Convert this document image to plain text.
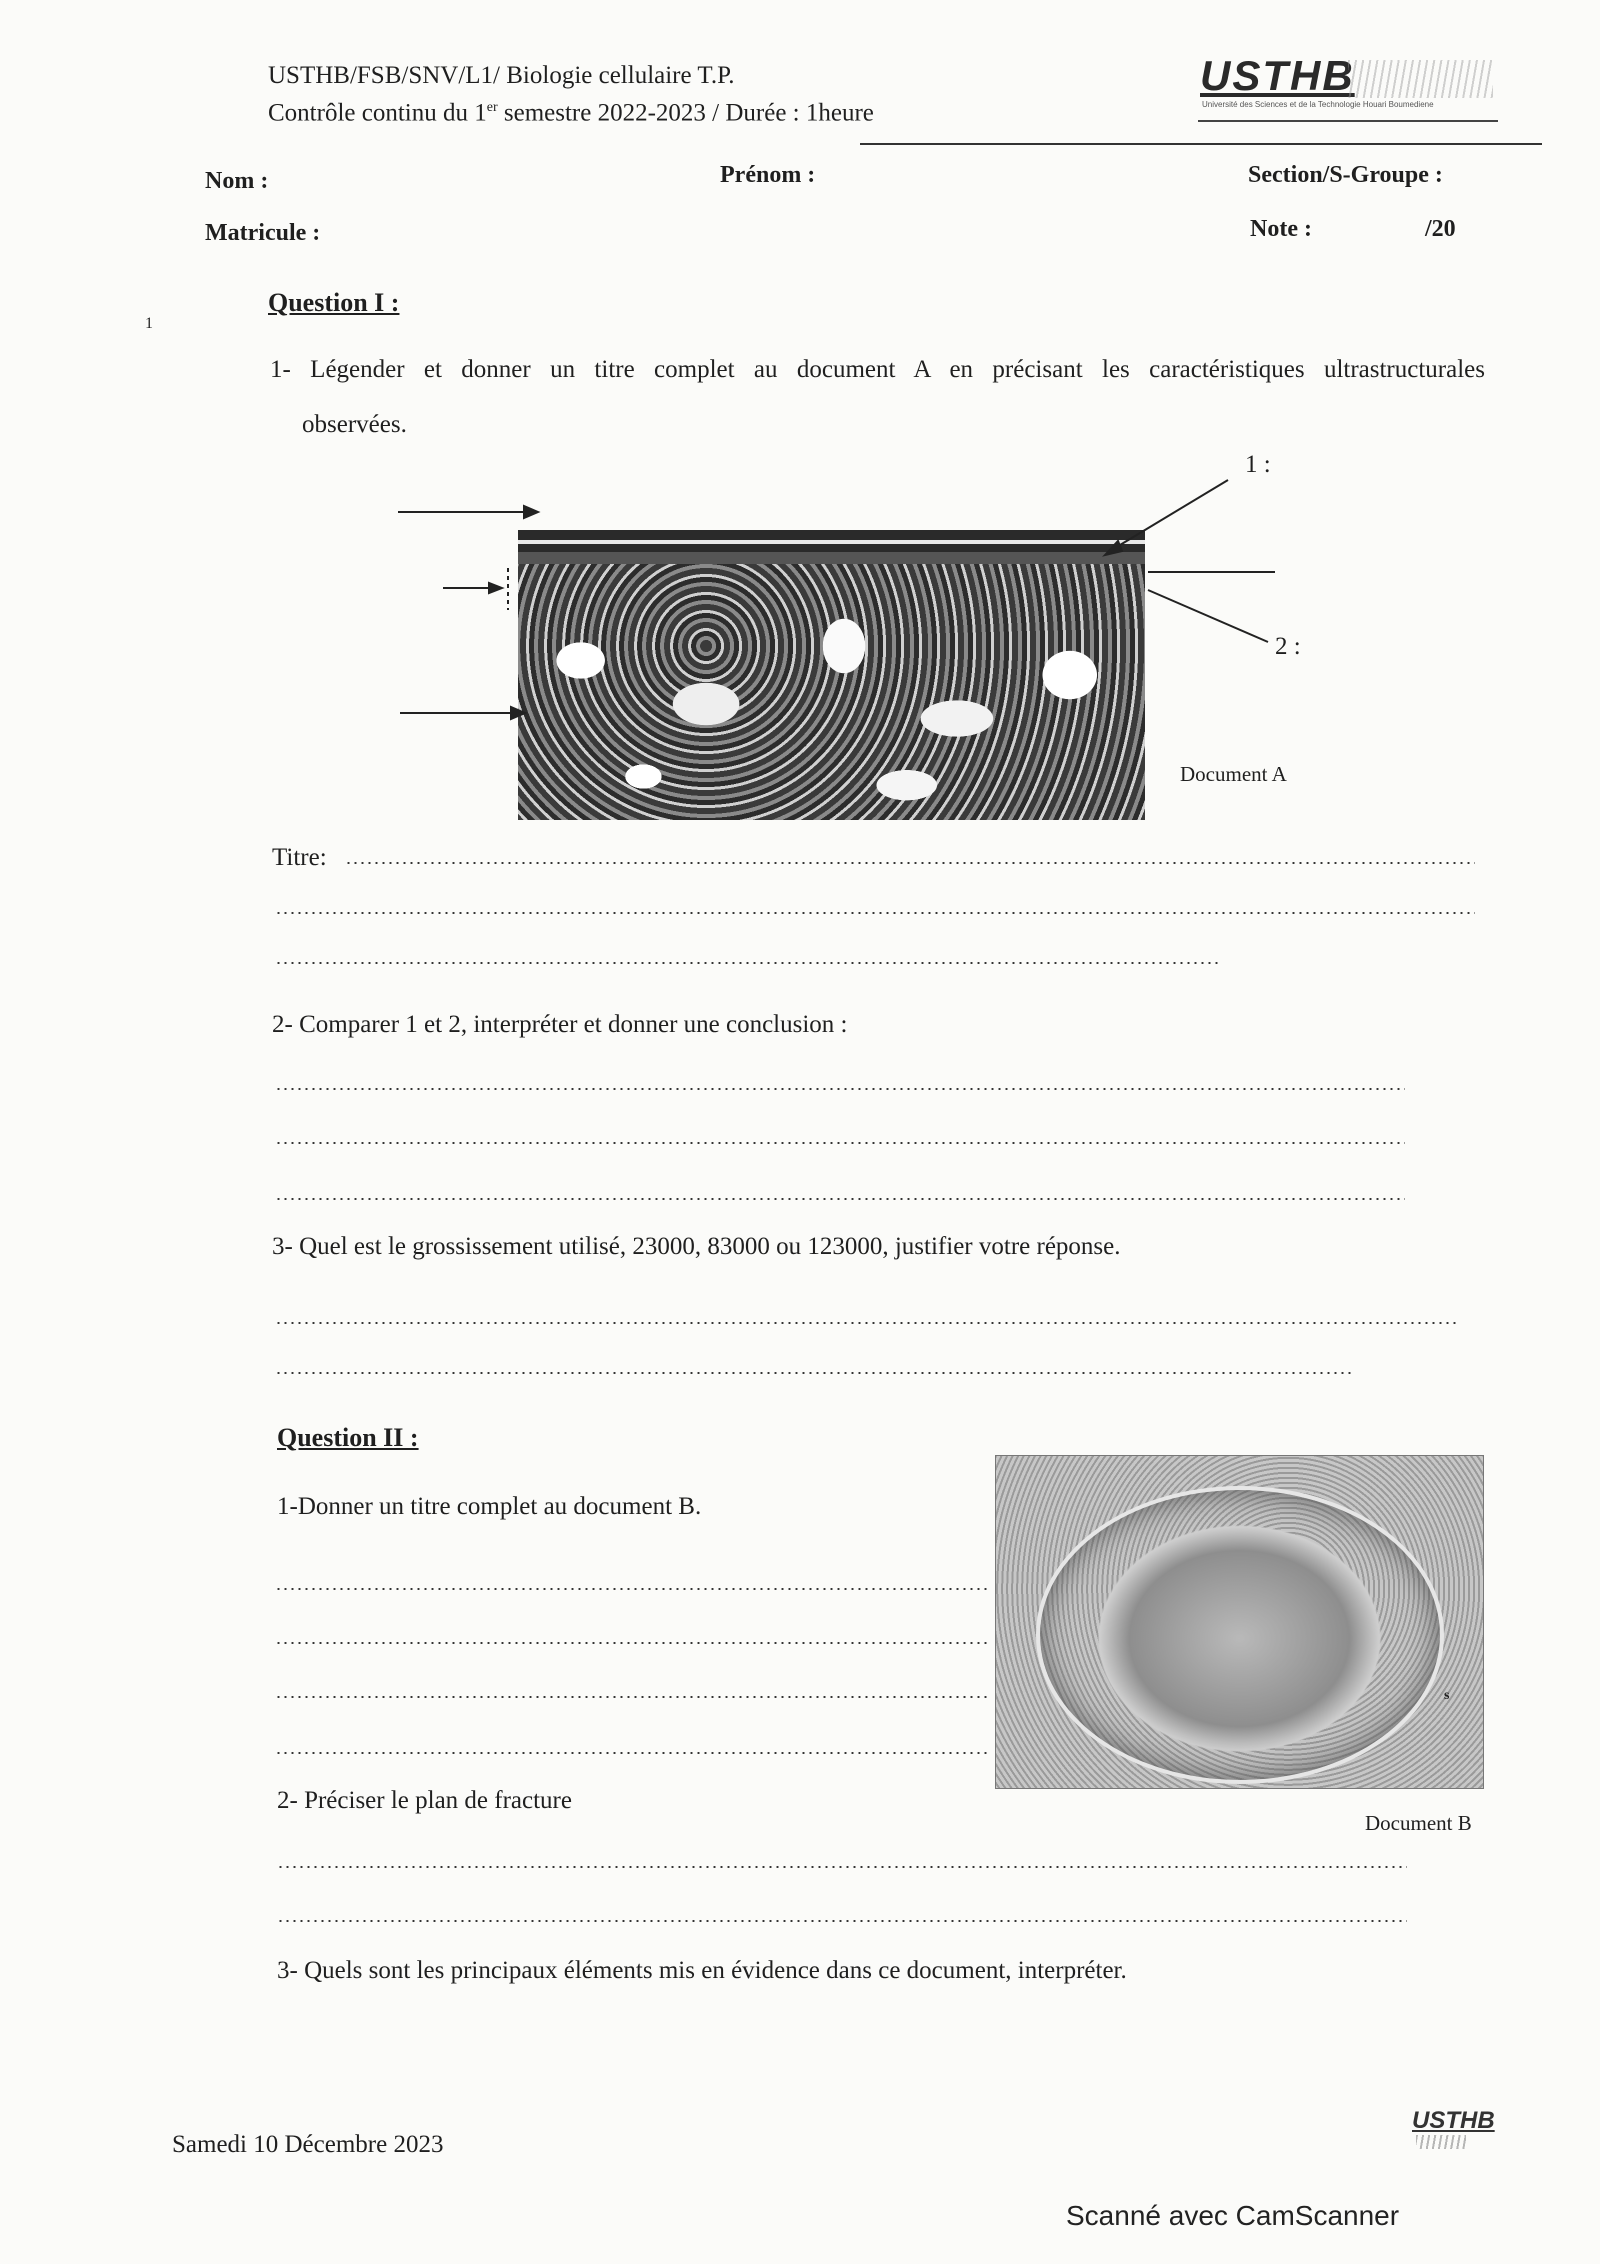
USTHB/FSB/SNV/L1/ Biologie cellulaire T.P.
Contrôle continu du 1er semestre 2022-2023 / Durée : 1heure
USTHB
Université des Sciences et de la Technologie Houari Boumediene
Nom :	Prénom :	Section/S-Groupe :
Matricule :	Note :	/20
1
Question I :
1- Légender et donner un titre complet au document A en précisant les caractéristiques ultrastructurales
observées.
1 :
2 :
Document A
Titre:
2- Comparer 1 et 2, interpréter et donner une conclusion :
3- Quel est le grossissement utilisé, 23000, 83000 ou 123000, justifier votre réponse.
Question II :
1-Donner un titre complet au document B.
s
2- Préciser le plan de fracture
Document B
3- Quels sont les principaux éléments mis en évidence dans ce document, interpréter.
Samedi 10 Décembre 2023
USTHB
Scanné avec CamScanner
